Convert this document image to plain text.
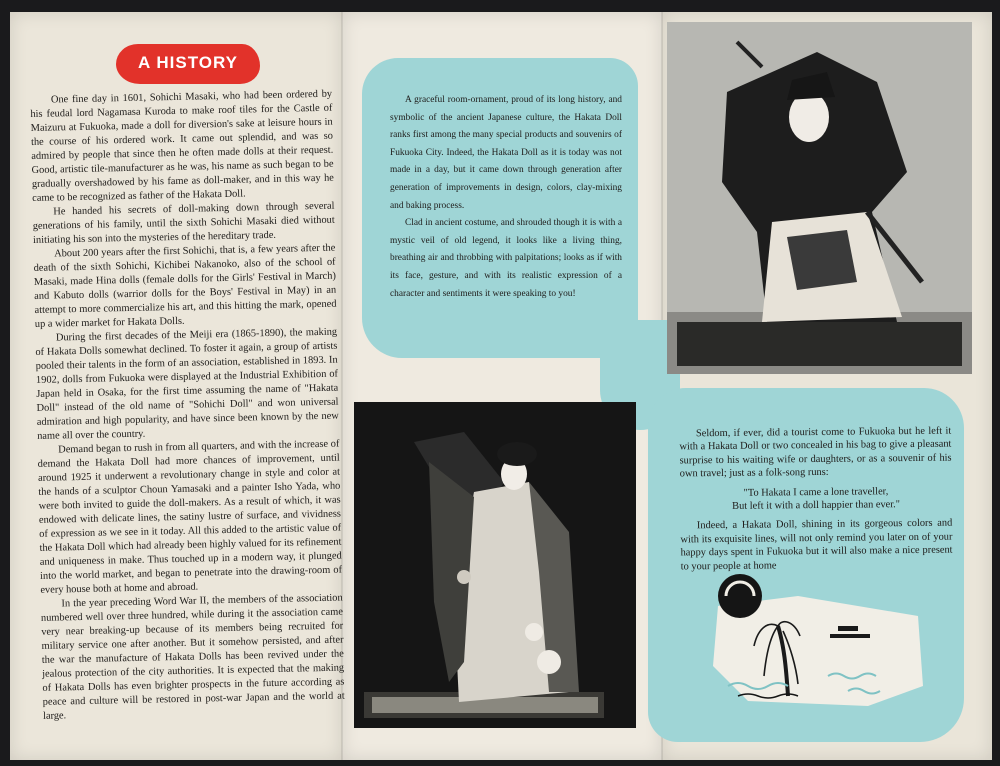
A HISTORY

One fine day in 1601, Sohichi Masaki, who had been ordered by his feudal lord Nagamasa Kuroda to make roof tiles for the Castle of Maizuru at Fukuoka, made a doll for diversion's sake at leisure hours in the course of his ordered work. It came out splendid, and was so admired by people that since then he often made dolls at their request. Good, artistic tile-manufacturer as he was, his name as such began to be gradually overshadowed by his fame as doll-maker, and in this way he came to be recognized as father of the Hakata Doll.

He handed his secrets of doll-making down through several generations of his family, until the sixth Sohichi Masaki died without initiating his son into the mysteries of the hereditary trade.

About 200 years after the first Sohichi, that is, a few years after the death of the sixth Sohichi, Kichibei Nakanoko, also of the school of Masaki, made Hina dolls (female dolls for the Girls' Festival in March) and Kabuto dolls (warrior dolls for the Boys' Festival in May) in an attempt to more commercialize his art, and this hitting the mark, opened up a wider market for Hakata Dolls.

During the first decades of the Meiji era (1865-1890), the making of Hakata Dolls somewhat declined. To foster it again, a group of artists pooled their talents in the form of an association, established in 1893. In 1902, dolls from Fukuoka were displayed at the Industrial Exhibition of Japan held in Osaka, for the first time assuming the name of "Hakata Doll" instead of the old name of "Sohichi Doll" and won universal admiration and high popularity, and have since been known by the new name all over the country.

Demand began to rush in from all quarters, and with the increase of demand the Hakata Doll had more chances of improvement, until around 1925 it underwent a revolutionary change in style and color at the hands of a sculptor Choun Yamasaki and a painter Isho Yada, who were both invited to guide the doll-makers. As a result of which, it was endowed with delicate lines, the satiny lustre of surface, and vividness of expression as we see in it today. All this added to the artistic value of the Hakata Doll which had already been highly valued for its refinement and uniqueness in make. Thus touched up in a modern way, it plunged into the world market, and began to penetrate into the drawing-room of every house both at home and abroad.

In the year preceding Word War II, the members of the association numbered well over three hundred, while during it the association came very near breaking-up because of its members being recruited for military service one after another. But it somehow persisted, and after the war the manufacture of Hakata Dolls has been revived under the jealous protection of the city authorities. It is expected that the making of Hakata Dolls has even brighter prospects in the future according as peace and culture will be restored in post-war Japan and the world at large.

A graceful room-ornament, proud of its long history, and symbolic of the ancient Japanese culture, the Hakata Doll ranks first among the many special products and souvenirs of Fukuoka City. Indeed, the Hakata Doll as it is today was not made in a day, but it came down through generation after generation of improvements in design, colors, clay-mixing and baking process.

Clad in ancient costume, and shrouded though it is with a mystic veil of old legend, it looks like a living thing, breathing air and throbbing with palpitations; looks as if with its face, gesture, and with its realistic expression of a character and sentiments it were speaking to you!

Seldom, if ever, did a tourist come to Fukuoka but he left it with a Hakata Doll or two concealed in his bag to give a pleasant surprise to his waiting wife or daughters, or as a souvenir of his own travel; just as a folk-song runs:

"To Hakata I came a lone traveller,
But left it with a doll happier than ever."

Indeed, a Hakata Doll, shining in its gorgeous colors and with its exquisite lines, will not only remind you later on of your happy days spent in Fukuoka but it will also make a nice present to your people at home
